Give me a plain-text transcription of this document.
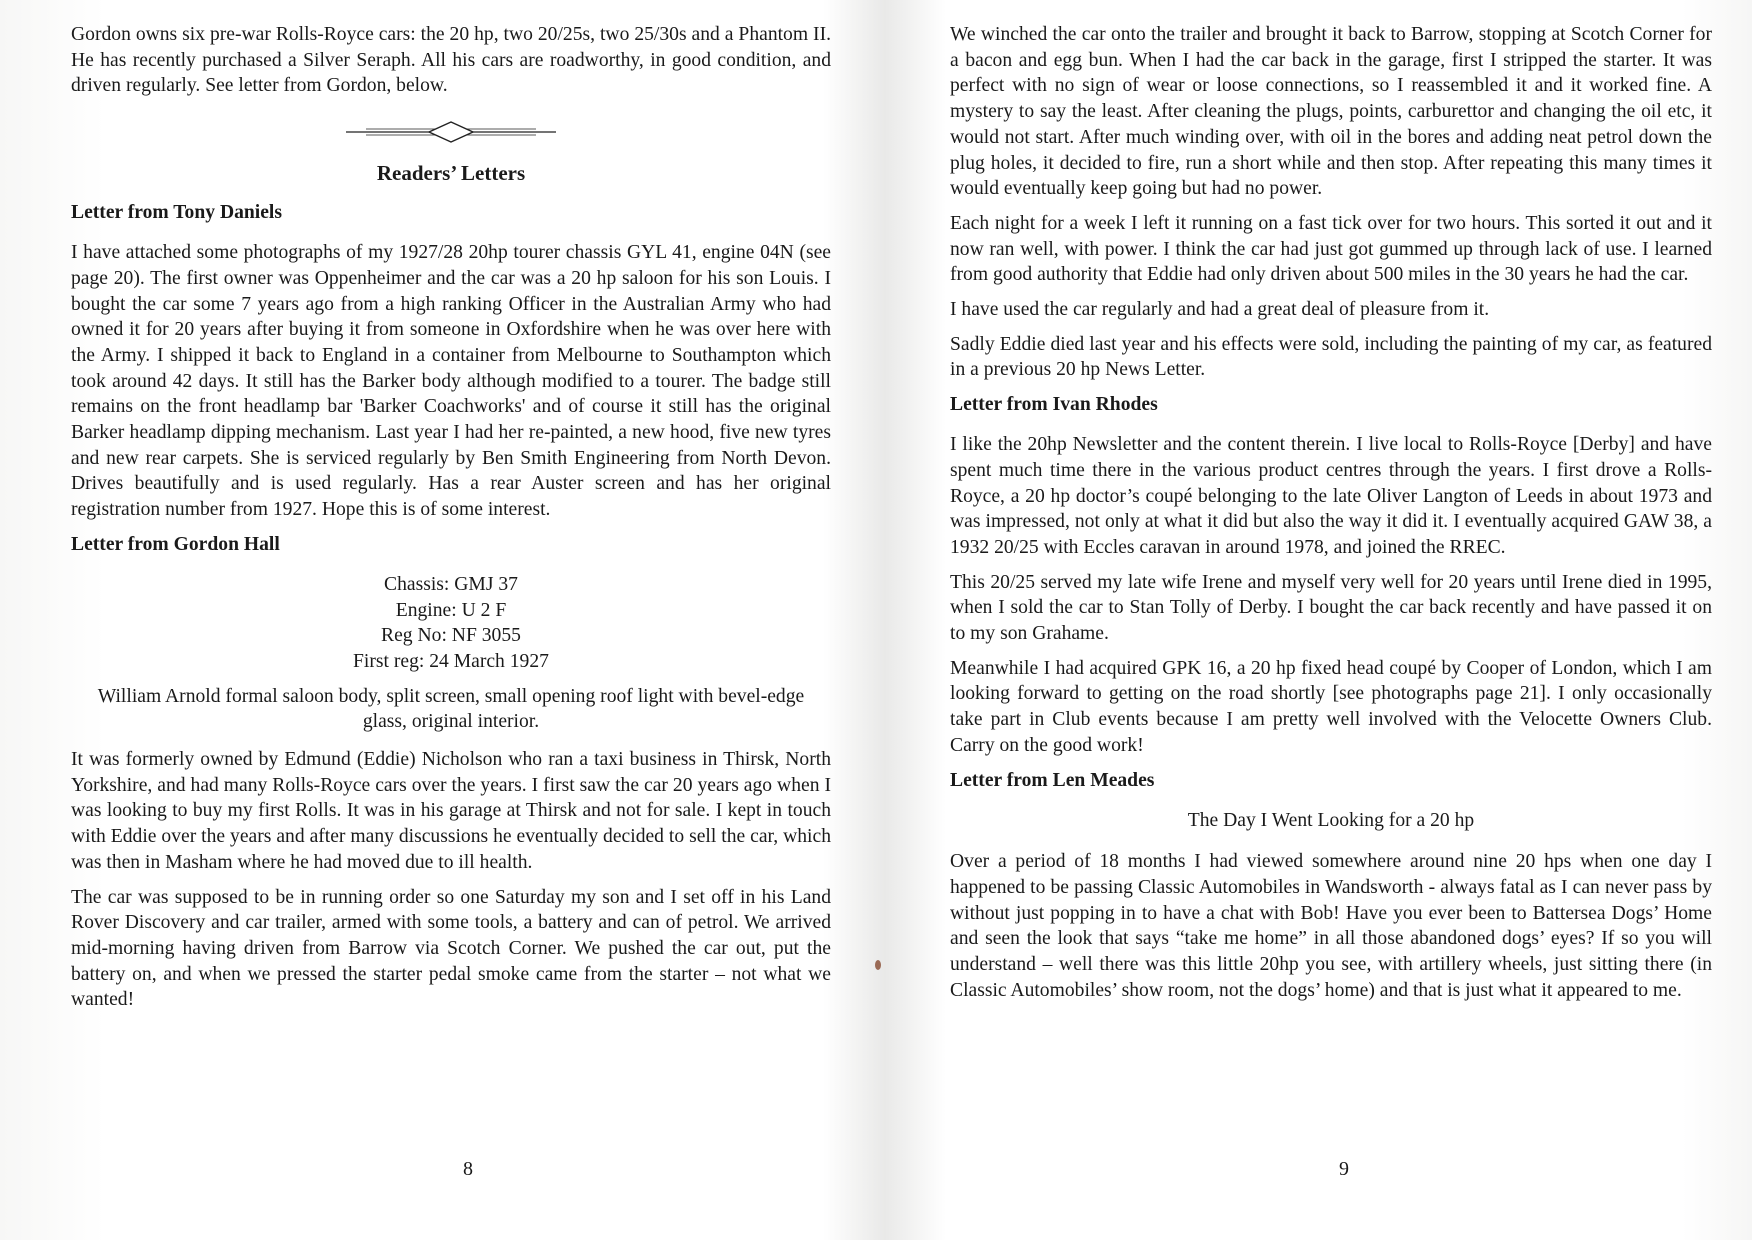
Gordon owns six pre-war Rolls-Royce cars: the 20 hp, two 20/25s, two 25/30s and a Phantom II. He has recently purchased a Silver Seraph. All his cars are roadworthy, in good condition, and driven regularly. See letter from Gordon, below.

Readers’ Letters
Letter from Tony Daniels

I have attached some photographs of my 1927/28 20hp tourer chassis GYL 41, engine 04N (see page 20). The first owner was Oppenheimer and the car was a 20 hp saloon for his son Louis. I bought the car some 7 years ago from a high ranking Officer in the Australian Army who had owned it for 20 years after buying it from someone in Oxfordshire when he was over here with the Army. I shipped it back to England in a container from Melbourne to Southampton which took around 42 days. It still has the Barker body although modified to a tourer. The badge still remains on the front headlamp bar 'Barker Coachworks' and of course it still has the original Barker headlamp dipping mechanism. Last year I had her re-painted, a new hood, five new tyres and new rear carpets. She is serviced regularly by Ben Smith Engineering from North Devon. Drives beautifully and is used regularly. Has a rear Auster screen and has her original registration number from 1927. Hope this is of some interest.

Letter from Gordon Hall
Chassis: GMJ 37
Engine: U 2 F
Reg No: NF 3055
First reg: 24 March 1927

William Arnold formal saloon body, split screen, small opening roof light with bevel-edge glass, original interior.

It was formerly owned by Edmund (Eddie) Nicholson who ran a taxi business in Thirsk, North Yorkshire, and had many Rolls-Royce cars over the years. I first saw the car 20 years ago when I was looking to buy my first Rolls. It was in his garage at Thirsk and not for sale. I kept in touch with Eddie over the years and after many discussions he eventually decided to sell the car, which was then in Masham where he had moved due to ill health.

The car was supposed to be in running order so one Saturday my son and I set off in his Land Rover Discovery and car trailer, armed with some tools, a battery and can of petrol. We arrived mid-morning having driven from Barrow via Scotch Corner. We pushed the car out, put the battery on, and when we pressed the starter pedal smoke came from the starter – not what we wanted!

8

We winched the car onto the trailer and brought it back to Barrow, stopping at Scotch Corner for a bacon and egg bun. When I had the car back in the garage, first I stripped the starter. It was perfect with no sign of wear or loose connections, so I reassembled it and it worked fine. A mystery to say the least. After cleaning the plugs, points, carburettor and changing the oil etc, it would not start. After much winding over, with oil in the bores and adding neat petrol down the plug holes, it decided to fire, run a short while and then stop. After repeating this many times it would eventually keep going but had no power.

Each night for a week I left it running on a fast tick over for two hours. This sorted it out and it now ran well, with power. I think the car had just got gummed up through lack of use. I learned from good authority that Eddie had only driven about 500 miles in the 30 years he had the car.

I have used the car regularly and had a great deal of pleasure from it.

Sadly Eddie died last year and his effects were sold, including the painting of my car, as featured in a previous 20 hp News Letter.

Letter from Ivan Rhodes

I like the 20hp Newsletter and the content therein. I live local to Rolls-Royce [Derby] and have spent much time there in the various product centres through the years. I first drove a Rolls-Royce, a 20 hp doctor’s coupé belonging to the late Oliver Langton of Leeds in about 1973 and was impressed, not only at what it did but also the way it did it. I eventually acquired GAW 38, a 1932 20/25 with Eccles caravan in around 1978, and joined the RREC.

This 20/25 served my late wife Irene and myself very well for 20 years until Irene died in 1995, when I sold the car to Stan Tolly of Derby. I bought the car back recently and have passed it on to my son Grahame.

Meanwhile I had acquired GPK 16, a 20 hp fixed head coupé by Cooper of London, which I am looking forward to getting on the road shortly [see photographs page 21]. I only occasionally take part in Club events because I am pretty well involved with the Velocette Owners Club. Carry on the good work!

Letter from Len Meades
The Day I Went Looking for a 20 hp

Over a period of 18 months I had viewed somewhere around nine 20 hps when one day I happened to be passing Classic Automobiles in Wandsworth - always fatal as I can never pass by without just popping in to have a chat with Bob! Have you ever been to Battersea Dogs’ Home and seen the look that says “take me home” in all those abandoned dogs’ eyes? If so you will understand – well there was this little 20hp you see, with artillery wheels, just sitting there (in Classic Automobiles’ show room, not the dogs’ home) and that is just what it appeared to me.

9
